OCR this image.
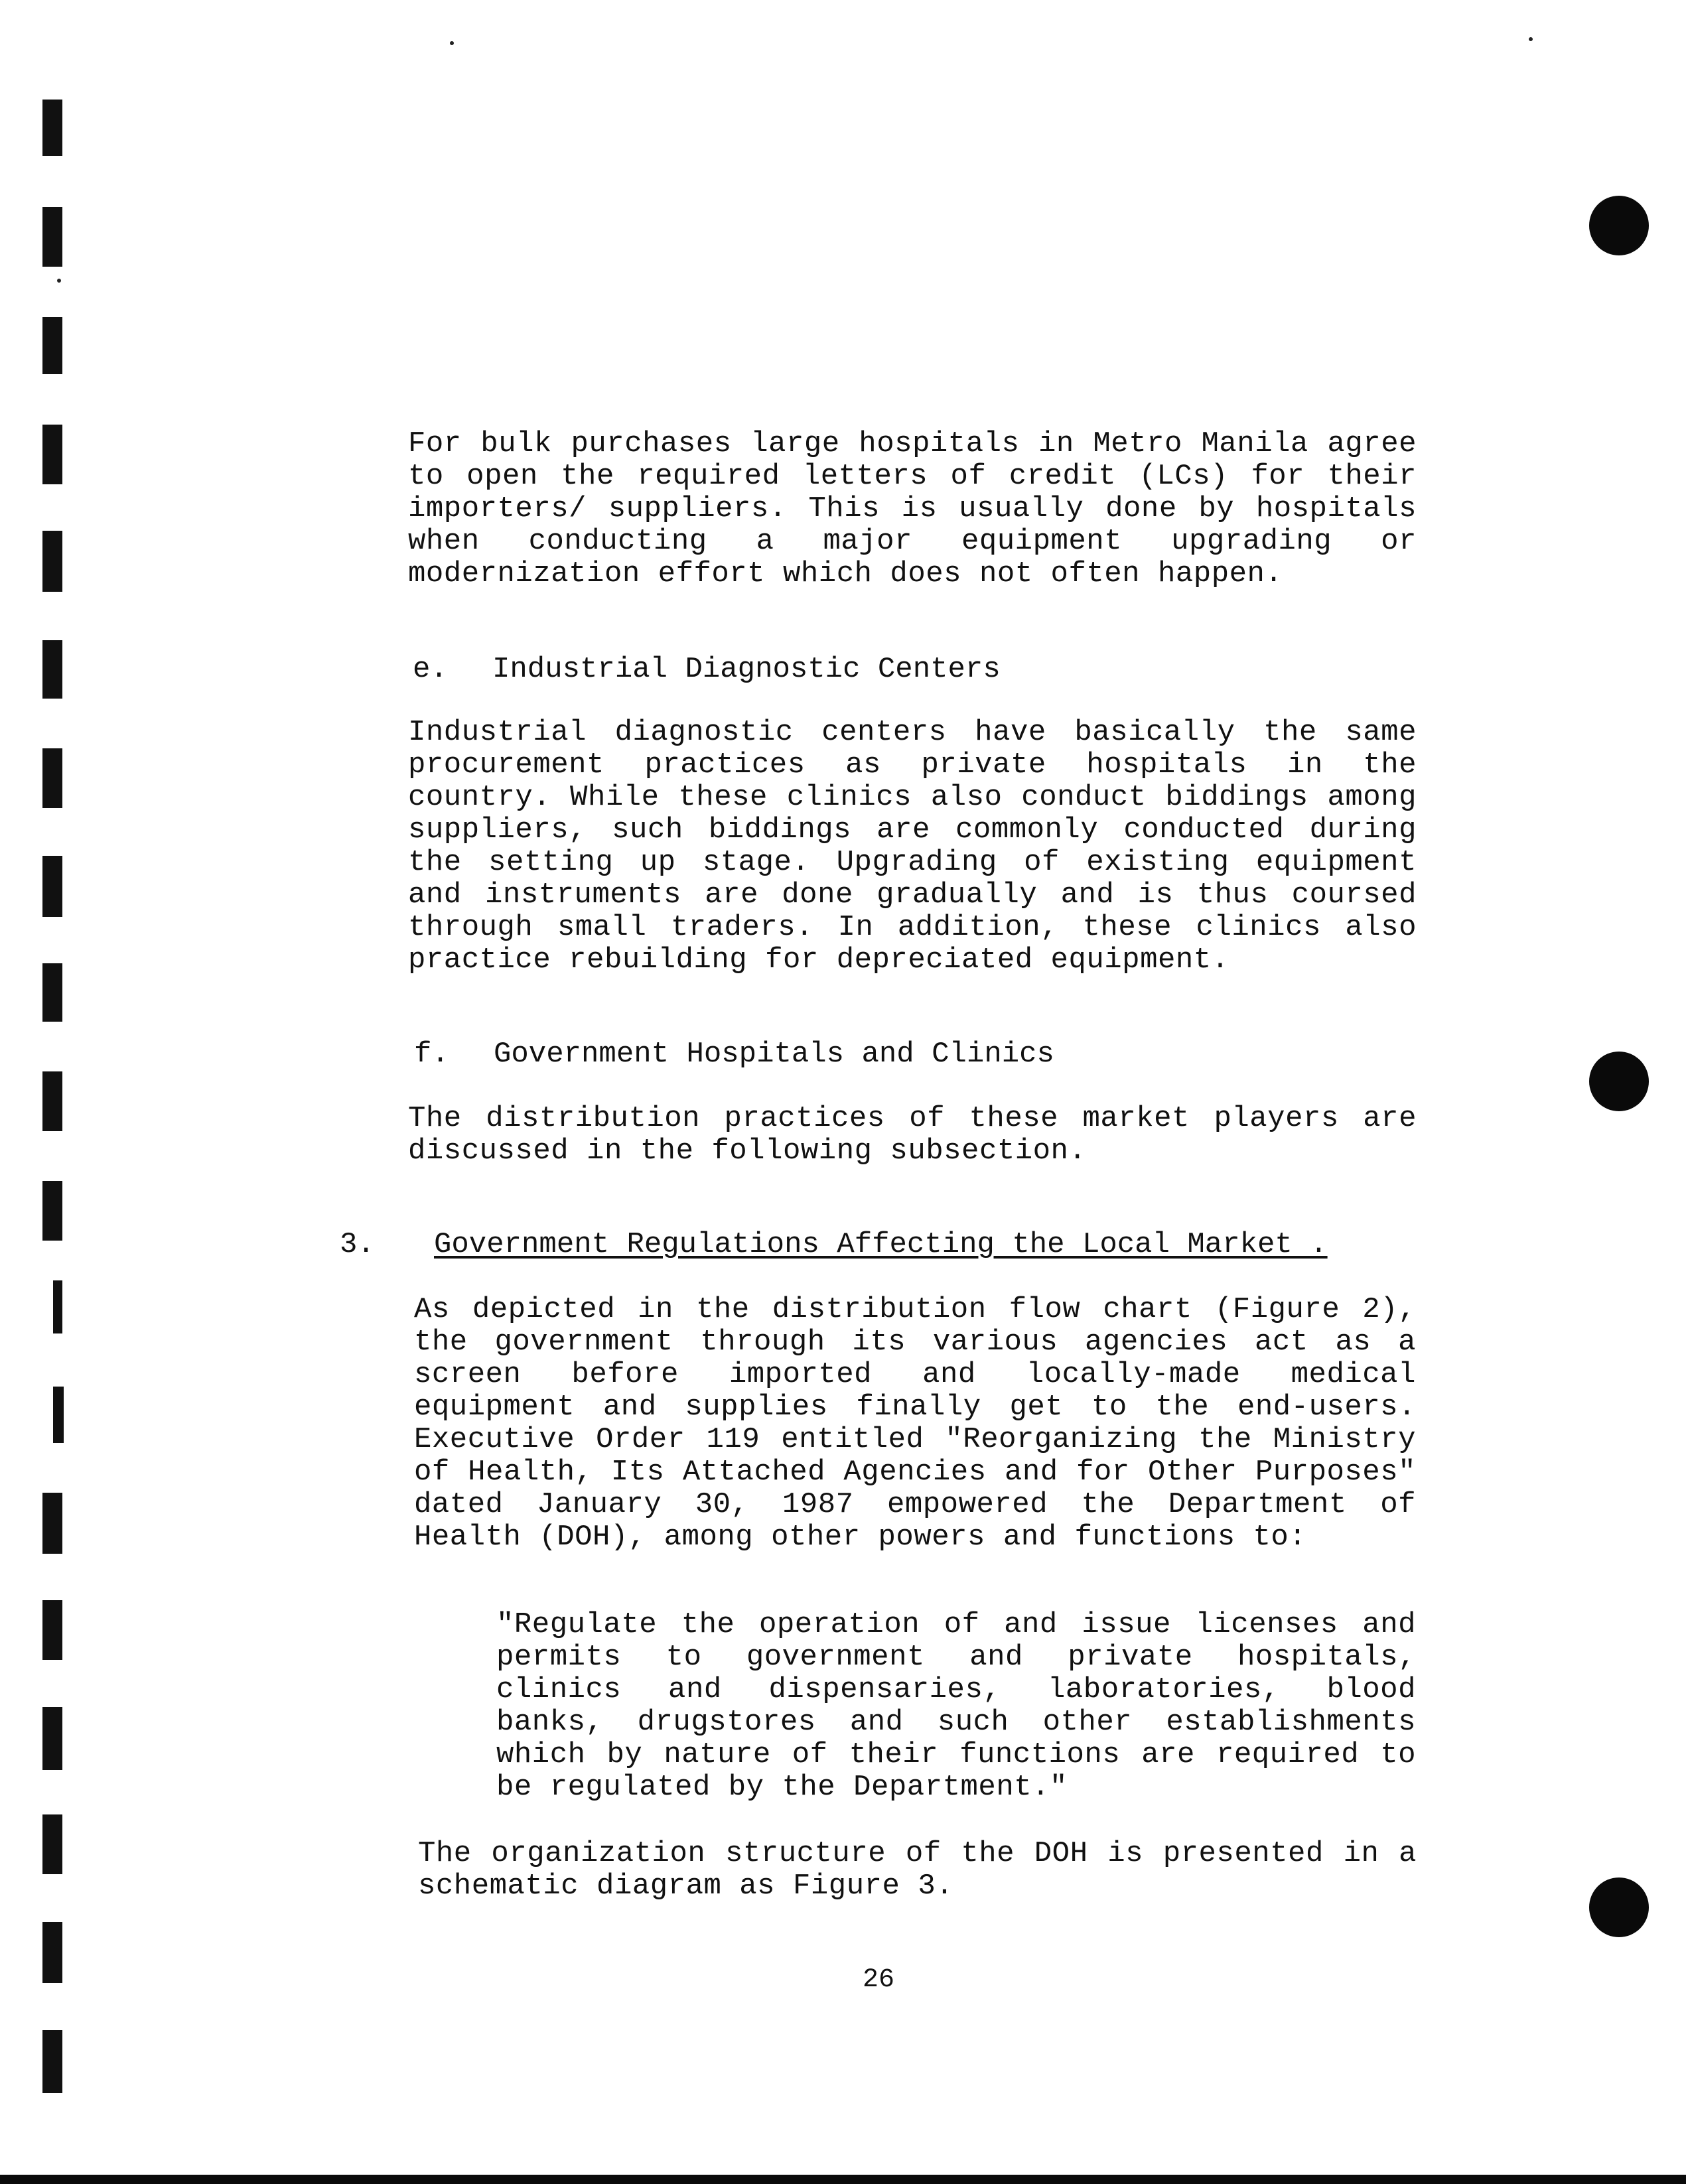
For bulk purchases large hospitals in Metro Manila agree to open the required letters of credit (LCs) for their importers/ suppliers. This is usually done by hospitals when conducting a major equipment upgrading or modernization effort which does not often happen.

e. Industrial Diagnostic Centers

Industrial diagnostic centers have basically the same procurement practices as private hospitals in the country. While these clinics also conduct biddings among suppliers, such biddings are commonly conducted during the setting up stage. Upgrading of existing equipment and instruments are done gradually and is thus coursed through small traders. In addition, these clinics also practice rebuilding for depreciated equipment.

f. Government Hospitals and Clinics

The distribution practices of these market players are discussed in the following subsection.

3. Government Regulations Affecting the Local Market .

As depicted in the distribution flow chart (Figure 2), the government through its various agencies act as a screen before imported and locally-made medical equipment and supplies finally get to the end-users. Executive Order 119 entitled "Reorganizing the Ministry of Health, Its Attached Agencies and for Other Purposes" dated January 30, 1987 empowered the Department of Health (DOH), among other powers and functions to:

"Regulate the operation of and issue licenses and permits to government and private hospitals, clinics and dispensaries, laboratories, blood banks, drugstores and such other establishments which by nature of their functions are required to be regulated by the Department."

The organization structure of the DOH is presented in a schematic diagram as Figure 3.

26
